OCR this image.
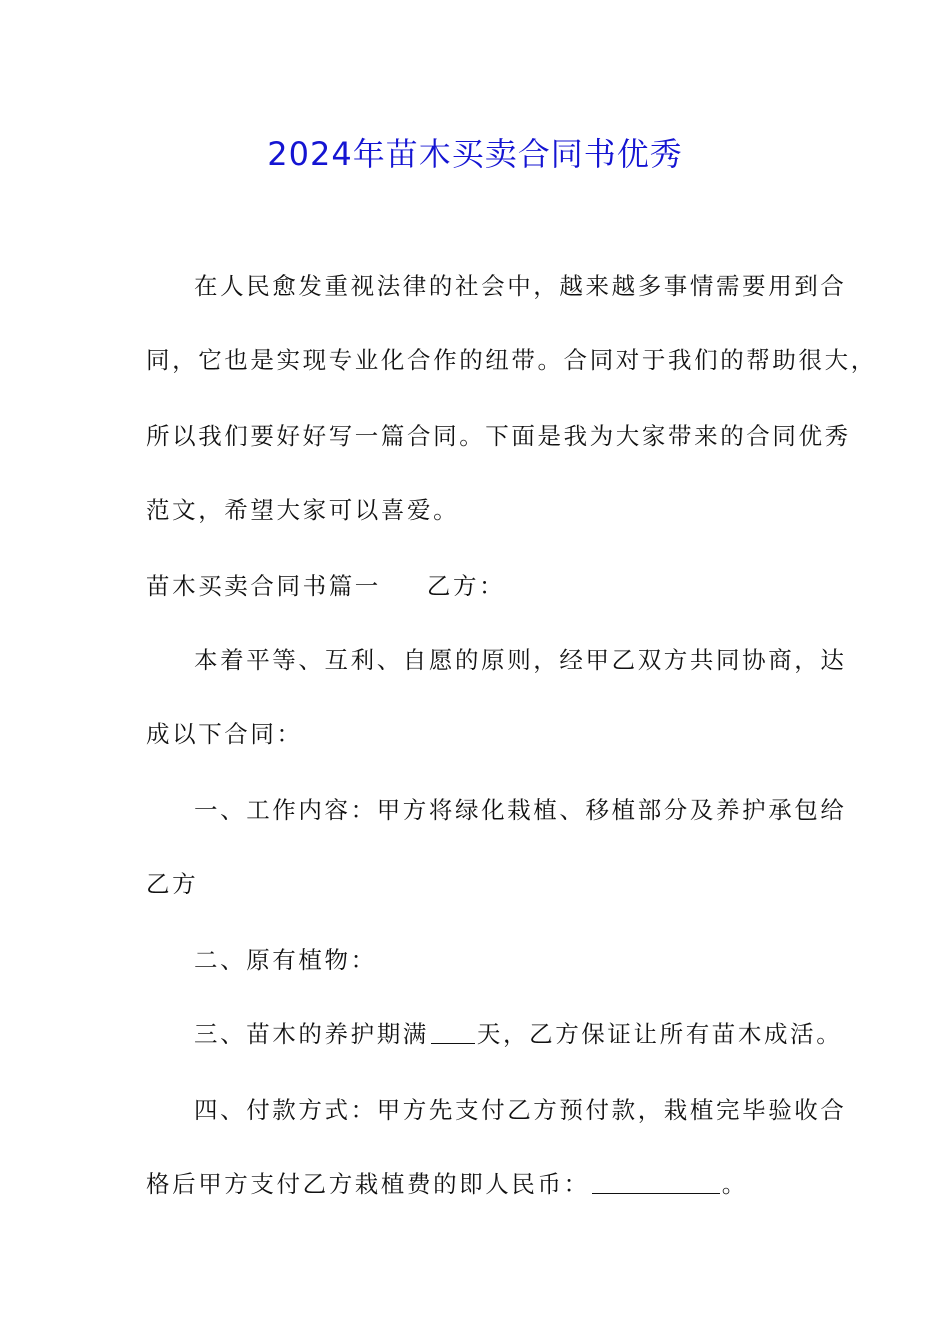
2024年苗木买卖合同书优秀
在人民愈发重视法律的社会中，越来越多事情需要用到合
同，它也是实现专业化合作的纽带。合同对于我们的帮助很大，
所以我们要好好写一篇合同。下面是我为大家带来的合同优秀
范文，希望大家可以喜爱。
苗木买卖合同书篇一 乙方：
本着平等、互利、自愿的原则，经甲乙双方共同协商，达
成以下合同：
一、工作内容：甲方将绿化栽植、移植部分及养护承包给
乙方
二、原有植物：
三、苗木的养护期满 天，乙方保证让所有苗木成活。
四、付款方式：甲方先支付乙方预付款，栽植完毕验收合
格后甲方支付乙方栽植费的即人民币：	。
